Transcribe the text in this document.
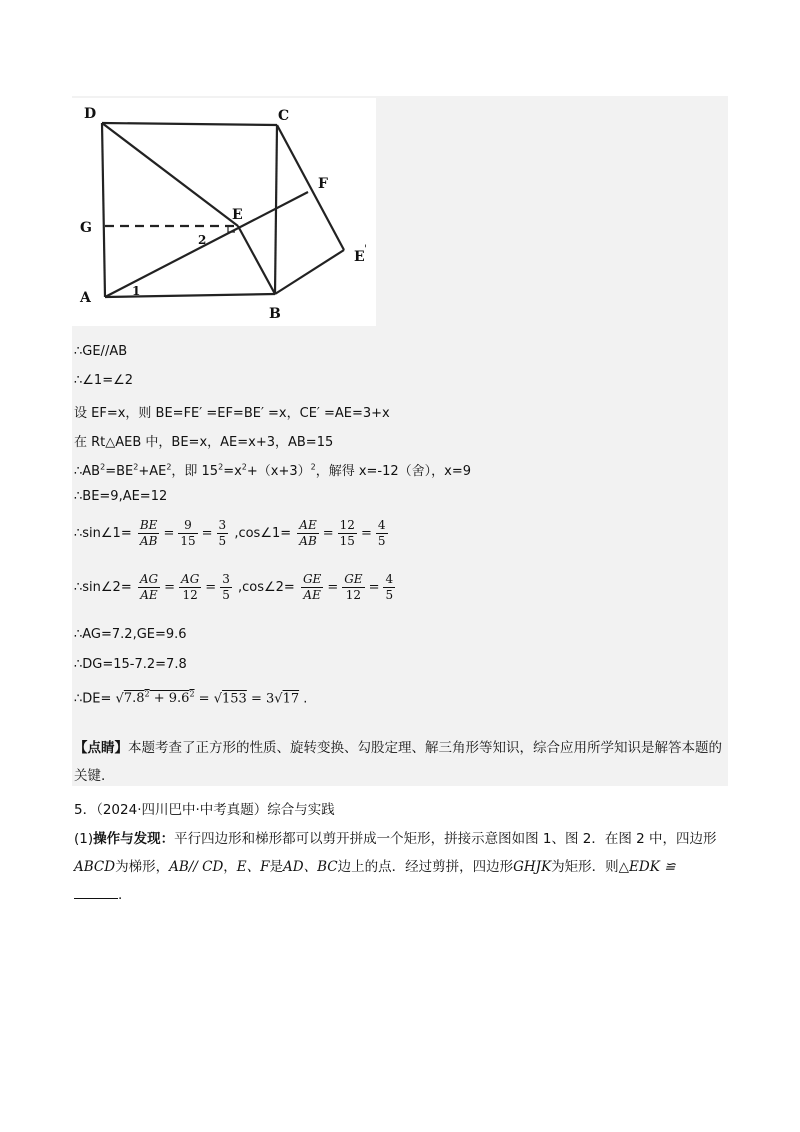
D	C
F
G
E
E
A
B
1
2
'
∴GE//AB
∴∠1=∠2
设 EF=x，则 BE=FE′ =EF=BE′ =x，CE′ =AE=3+x
在 Rt△AEB 中，BE=x，AE=x+3，AB=15
$\therefore AB^2=BE^2+AE^2$，即 $15^2=x^2+(x+3)^2$，解得 x=-12（舍），x=9
∴BE=9,AE=12
∴sin∠1= $\frac{BE}{AB} = \frac{9}{15} = \frac{3}{5}$ ,cos∠1= $\frac{AE}{AB} = \frac{12}{15} = \frac{4}{5}$
∴sin∠2= $\frac{AG}{AE} = \frac{AG}{12} = \frac{3}{5}$ ,cos∠2= $\frac{GE}{AE} = \frac{GE}{12} = \frac{4}{5}$
∴AG=7.2,GE=9.6
∴DG=15-7.2=7.8
∴DE= $√7.8^2 + 9.6^2 = √153 = 3√17$ .
【点睛】本题考查了正方形的性质、旋转变换、勾股定理、解三角形等知识，综合应用所学知识是解答本题的关键.
5．（2024·四川巴中·中考真题）综合与实践
(1)操作与发现：平行四边形和梯形都可以剪开拼成一个矩形，拼接示意图如图 1、图 2．在图 2 中，四边形
ABCD为梯形，AB// CD，E、F是AD、BC边上的点．经过剪拼，四边形GHJK为矩形．则△EDK ≌
.
